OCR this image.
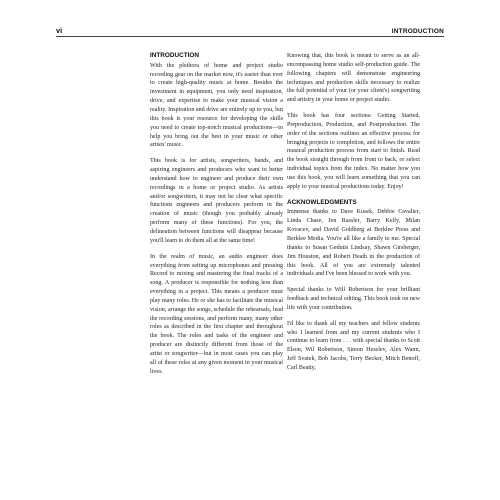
vi	INTRODUCTION
INTRODUCTION

With the plethora of home and project studio recording gear on the market now, it's easier than ever to create high-quality music at home. Besides the investment in equipment, you only need inspiration, drive, and expertise to make your musical vision a reality. Inspiration and drive are entirely up to you, but this book is your resource for developing the skills you need to create top-notch musical productions—to help you bring out the best in your music or other artists' music.

This book is for artists, songwriters, bands, and aspiring engineers and producers who want to better understand how to engineer and produce their own recordings in a home or project studio. As artists and/or songwriters, it may not be clear what specific functions engineers and producers perform in the creation of music (though you probably already perform many of these functions). For you, the delineation between functions will disappear because you'll learn to do them all at the same time!

In the realm of music, an audio engineer does everything from setting up microphones and pressing Record to mixing and mastering the final tracks of a song. A producer is responsible for nothing less than everything in a project. This means a producer must play many roles. He or she has to facilitate the musical vision, arrange the songs, schedule the rehearsals, lead the recording sessions, and perform many, many other roles as described in the first chapter and throughout the book. The roles and tasks of the engineer and producer are distinctly different from those of the artist or songwriter—but in most cases you can play all of these roles at any given moment in your musical lives.

Knowing that, this book is meant to serve as an all-encompassing home studio self-production guide. The following chapters will demonstrate engineering techniques and production skills necessary to realize the full potential of your (or your client's) songwriting and artistry in your home or project studio.

This book has four sections: Getting Started, Preproduction, Production, and Postproduction. The order of the sections outlines an effective process for bringing projects to completion, and follows the entire musical production process from start to finish. Read the book straight through from front to back, or select individual topics from the index. No matter how you use this book, you will learn something that you can apply to your musical productions today. Enjoy!

ACKNOWLEDGMENTS

Immense thanks to Dave Kusek, Debbie Cavalier, Linda Chase, Jen Rassler, Barry Kelly, Milan Kovacev, and David Goldberg at Berklee Press and Berklee Media. You're all like a family to me. Special thanks to Susan Gedutis Lindsay, Shawn Girsberger, Jim Houston, and Robert Heath in the production of this book. All of you are extremely talented individuals and I've been blessed to work with you.

Special thanks to Will Robertson for your brilliant feedback and technical editing. This book took on new life with your contribution.

I'd like to thank all my teachers and fellow students who I learned from and my current students who I continue to learn from . . . with special thanks to Scott Elson, Wil Robertson, Simon Heselev, Alex Wann, Jeff Svatek, Bob Jacobs, Terry Becker, Mitch Benoff, Carl Beatty,
